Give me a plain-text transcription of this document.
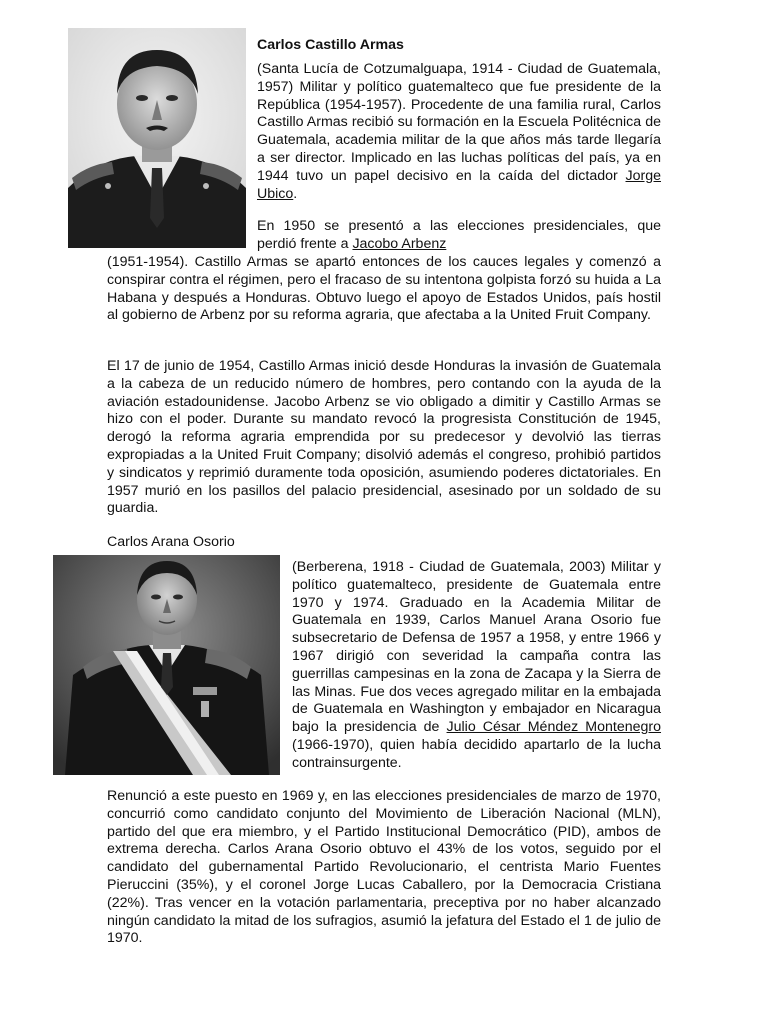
Carlos Castillo Armas

(Santa Lucía de Cotzumalguapa, 1914 - Ciudad de Guatemala, 1957) Militar y político guatemalteco que fue presidente de la República (1954-1957). Procedente de una familia rural, Carlos Castillo Armas recibió su formación en la Escuela Politécnica de Guatemala, academia militar de la que años más tarde llegaría a ser director. Implicado en las luchas políticas del país, ya en 1944 tuvo un papel decisivo en la caída del dictador Jorge Ubico.

En 1950 se presentó a las elecciones presidenciales, que perdió frente a Jacobo Arbenz

(1951-1954). Castillo Armas se apartó entonces de los cauces legales y comenzó a conspirar contra el régimen, pero el fracaso de su intentona golpista forzó su huida a La Habana y después a Honduras. Obtuvo luego el apoyo de Estados Unidos, país hostil al gobierno de Arbenz por su reforma agraria, que afectaba a la United Fruit Company.

El 17 de junio de 1954, Castillo Armas inició desde Honduras la invasión de Guatemala a la cabeza de un reducido número de hombres, pero contando con la ayuda de la aviación estadounidense. Jacobo Arbenz se vio obligado a dimitir y Castillo Armas se hizo con el poder. Durante su mandato revocó la progresista Constitución de 1945, derogó la reforma agraria emprendida por su predecesor y devolvió las tierras expropiadas a la United Fruit Company; disolvió además el congreso, prohibió partidos y sindicatos y reprimió duramente toda oposición, asumiendo poderes dictatoriales. En 1957 murió en los pasillos del palacio presidencial, asesinado por un soldado de su guardia.

Carlos Arana Osorio

(Berberena, 1918 - Ciudad de Guatemala, 2003) Militar y político guatemalteco, presidente de Guatemala entre 1970 y 1974. Graduado en la Academia Militar de Guatemala en 1939, Carlos Manuel Arana Osorio fue subsecretario de Defensa de 1957 a 1958, y entre 1966 y 1967 dirigió con severidad la campaña contra las guerrillas campesinas en la zona de Zacapa y la Sierra de las Minas. Fue dos veces agregado militar en la embajada de Guatemala en Washington y embajador en Nicaragua bajo la presidencia de Julio César Méndez Montenegro (1966-1970), quien había decidido apartarlo de la lucha contrainsurgente.

Renunció a este puesto en 1969 y, en las elecciones presidenciales de marzo de 1970, concurrió como candidato conjunto del Movimiento de Liberación Nacional (MLN), partido del que era miembro, y el Partido Institucional Democrático (PID), ambos de extrema derecha. Carlos Arana Osorio obtuvo el 43% de los votos, seguido por el candidato del gubernamental Partido Revolucionario, el centrista Mario Fuentes Pieruccini (35%), y el coronel Jorge Lucas Caballero, por la Democracia Cristiana (22%). Tras vencer en la votación parlamentaria, preceptiva por no haber alcanzado ningún candidato la mitad de los sufragios, asumió la jefatura del Estado el 1 de julio de 1970.
